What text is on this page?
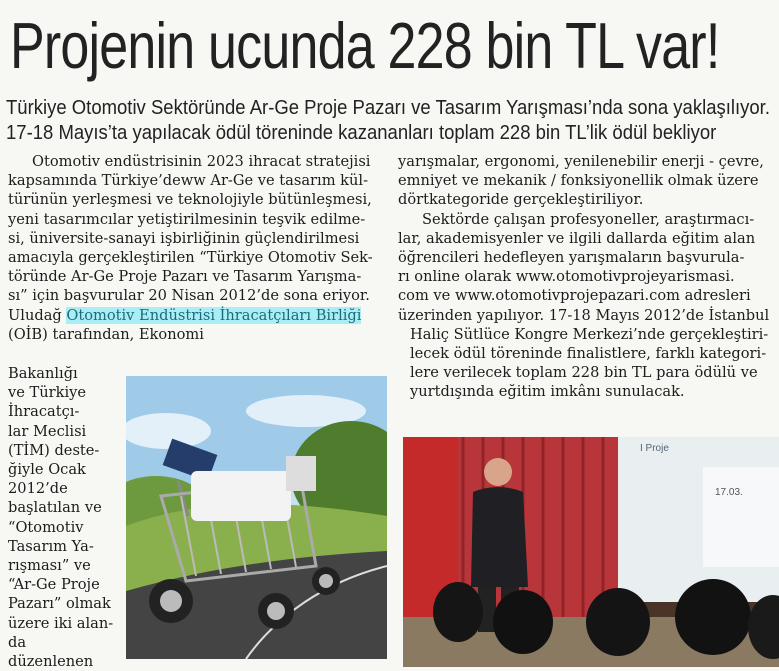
Projenin ucunda 228 bin TL var!
Türkiye Otomotiv Sektöründe Ar-Ge Proje Pazarı ve Tasarım Yarışması’nda sona yaklaşılıyor.
17-18 Mayıs’ta yapılacak ödül töreninde kazananları toplam 228 bin TL’lik ödül bekliyor
Otomotiv endüstrisinin 2023 ihracat stratejisi
kapsamında Türkiye’deww Ar-Ge ve tasarım kül-
türünün yerleşmesi ve teknolojiyle bütünleşmesi,
yeni tasarımcılar yetiştirilmesinin teşvik edilme-
si, üniversite-sanayi işbirliğinin güçlendirilmesi
amacıyla gerçekleştirilen “Türkiye Otomotiv Sek-
töründe Ar-Ge Proje Pazarı ve Tasarım Yarışma-
sı” için başvurular 20 Nisan 2012’de sona eriyor.
Uludağ Otomotiv Endüstrisi İhracatçıları Birliği
(OİB) tarafından, Ekonomi
Bakanlığı
ve Türkiye
İhracatçı-
lar Meclisi
(TİM) deste-
ğiyle Ocak
2012’de
başlatılan ve
“Otomotiv
Tasarım Ya-
rışması” ve
“Ar-Ge Proje
Pazarı” olmak
üzere iki alan-
da
düzenlenen
yarışmalar, ergonomi, yenilenebilir enerji - çevre,
emniyet ve mekanik / fonksiyonellik olmak üzere
dörtkategoride gerçekleştiriliyor.
Sektörde çalışan profesyoneller, araştırmacı-
lar, akademisyenler ve ilgili dallarda eğitim alan
öğrencileri hedefleyen yarışmaların başvurula-
rı online olarak www.otomotivprojeyarismasi.
com ve www.otomotivprojepazari.com adresleri
üzerinden yapılıyor. 17-18 Mayıs 2012’de İstanbul
Haliç Sütlüce Kongre Merkezi’nde gerçekleştiri-
lecek ödül töreninde finalistlere, farklı kategori-
lere verilecek toplam 228 bin TL para ödülü ve
yurtdışında eğitim imkânı sunulacak.
I Proje
17.03.
